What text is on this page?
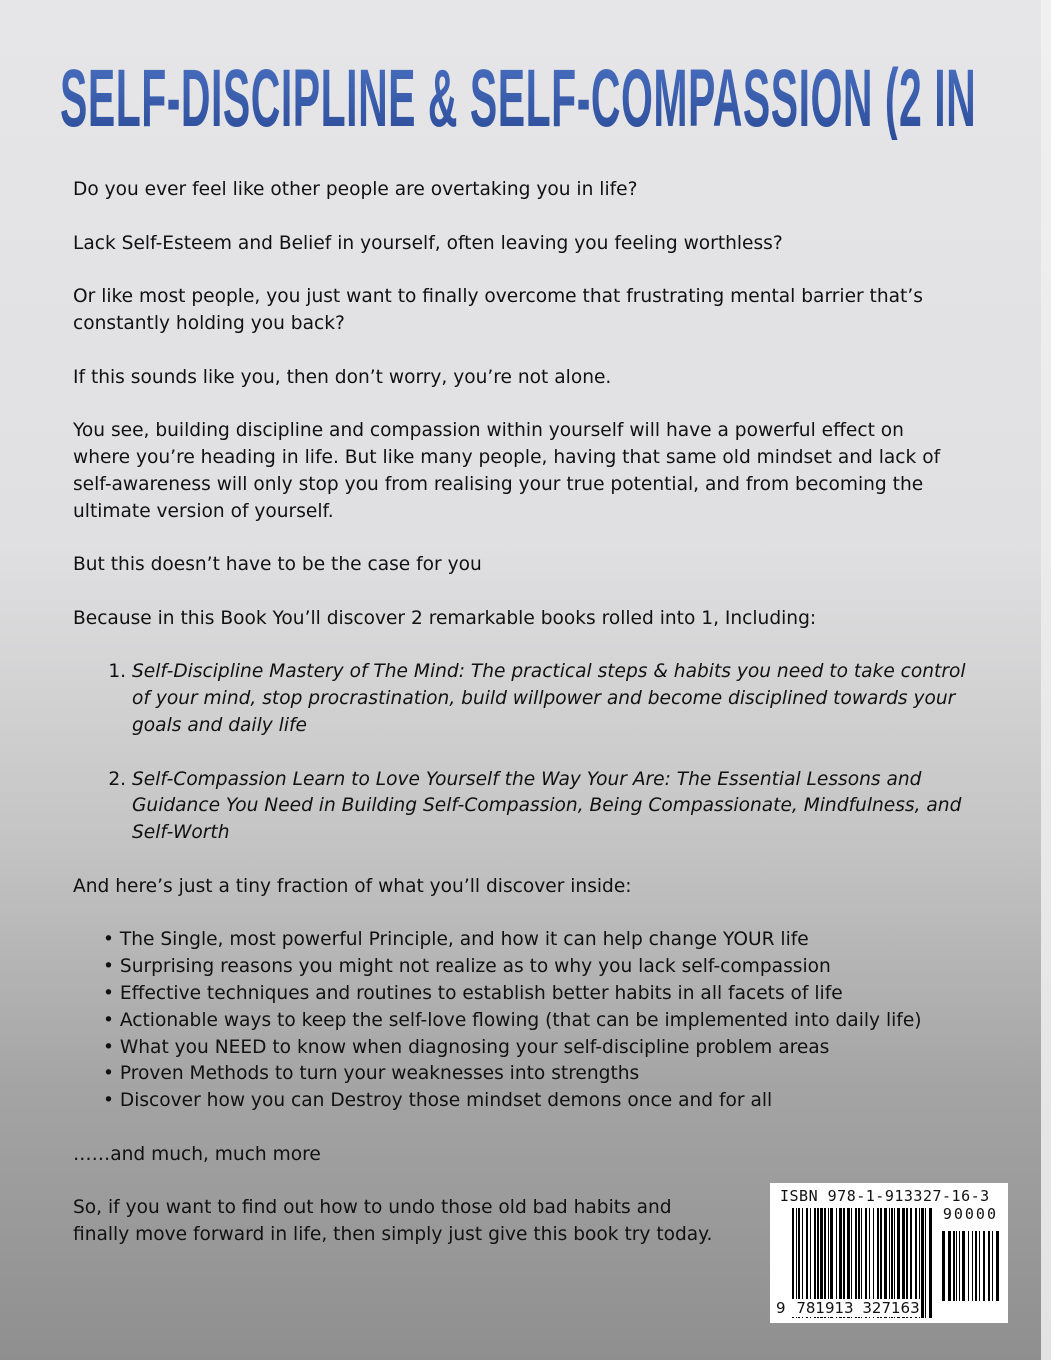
SELF-DISCIPLINE & SELF-COMPASSION (2 IN 1)

Do you ever feel like other people are overtaking you in life?

Lack Self-Esteem and Belief in yourself, often leaving you feeling worthless?

Or like most people, you just want to finally overcome that frustrating mental barrier that’s constantly holding you back?

If this sounds like you, then don’t worry, you’re not alone.

You see, building discipline and compassion within yourself will have a powerful effect on where you’re heading in life. But like many people, having that same old mindset and lack of self-awareness will only stop you from realising your true potential, and from becoming the ultimate version of yourself.

But this doesn’t have to be the case for you

Because in this Book You’ll discover 2 remarkable books rolled into 1, Including:

1. Self-Discipline Mastery of The Mind: The practical steps & habits you need to take control of your mind, stop procrastination, build willpower and become disciplined towards your goals and daily life
2. Self-Compassion Learn to Love Yourself the Way Your Are: The Essential Lessons and Guidance You Need in Building Self-Compassion, Being Compassionate, Mindfulness, and Self-Worth

And here’s just a tiny fraction of what you’ll discover inside:

• The Single, most powerful Principle, and how it can help change YOUR life
• Surprising reasons you might not realize as to why you lack self-compassion
• Effective techniques and routines to establish better habits in all facets of life
• Actionable ways to keep the self-love flowing (that can be implemented into daily life)
• What you NEED to know when diagnosing your self-discipline problem areas
• Proven Methods to turn your weaknesses into strengths
• Discover how you can Destroy those mindset demons once and for all

……and much, much more

So, if you want to find out how to undo those old bad habits and finally move forward in life, then simply just give this book try today.

ISBN 978-1-913327-16-3
90000
9 781913 327163
